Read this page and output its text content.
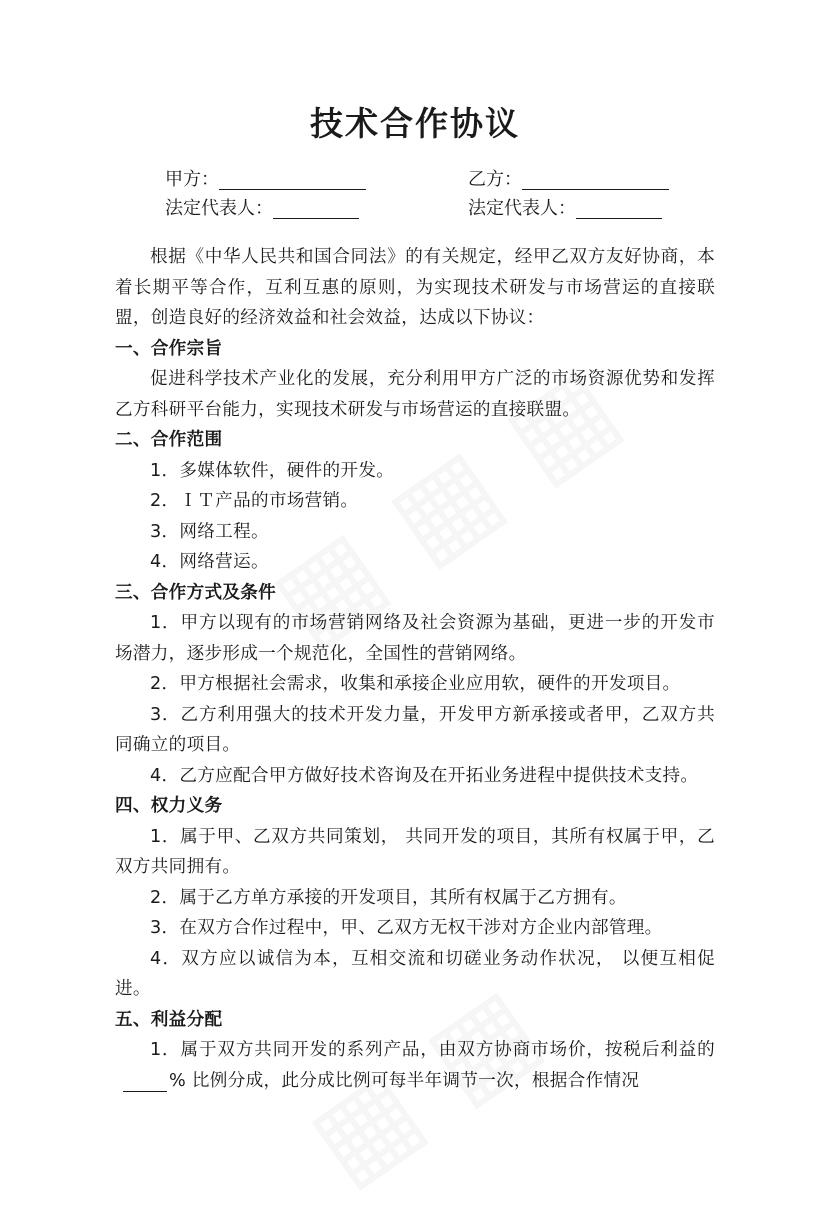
技术合作协议
甲方：	乙方：
法定代表人：	法定代表人：

根据《中华人民共和国合同法》的有关规定，经甲乙双方友好协商，本着长期平等合作，互利互惠的原则，为实现技术研发与市场营运的直接联盟，创造良好的经济效益和社会效益，达成以下协议：

一、合作宗旨

促进科学技术产业化的发展，充分利用甲方广泛的市场资源优势和发挥乙方科研平台能力，实现技术研发与市场营运的直接联盟。

二、合作范围

1．多媒体软件，硬件的开发。

2．ＩＴ产品的市场营销。

3．网络工程。

4．网络营运。

三、合作方式及条件

1．甲方以现有的市场营销网络及社会资源为基础，更进一步的开发市场潜力，逐步形成一个规范化，全国性的营销网络。

2．甲方根据社会需求，收集和承接企业应用软，硬件的开发项目。

3．乙方利用强大的技术开发力量，开发甲方新承接或者甲，乙双方共同确立的项目。

4．乙方应配合甲方做好技术咨询及在开拓业务进程中提供技术支持。

四、权力义务

1．属于甲、乙双方共同策划， 共同开发的项目，其所有权属于甲，乙双方共同拥有。

2．属于乙方单方承接的开发项目，其所有权属于乙方拥有。

3．在双方合作过程中，甲、乙双方无权干涉对方企业内部管理。

4．双方应以诚信为本，互相交流和切磋业务动作状况， 以便互相促进。

五、利益分配

1．属于双方共同开发的系列产品，由双方协商市场价，按税后利益的% 比例分成，此分成比例可每半年调节一次，根据合作情况
